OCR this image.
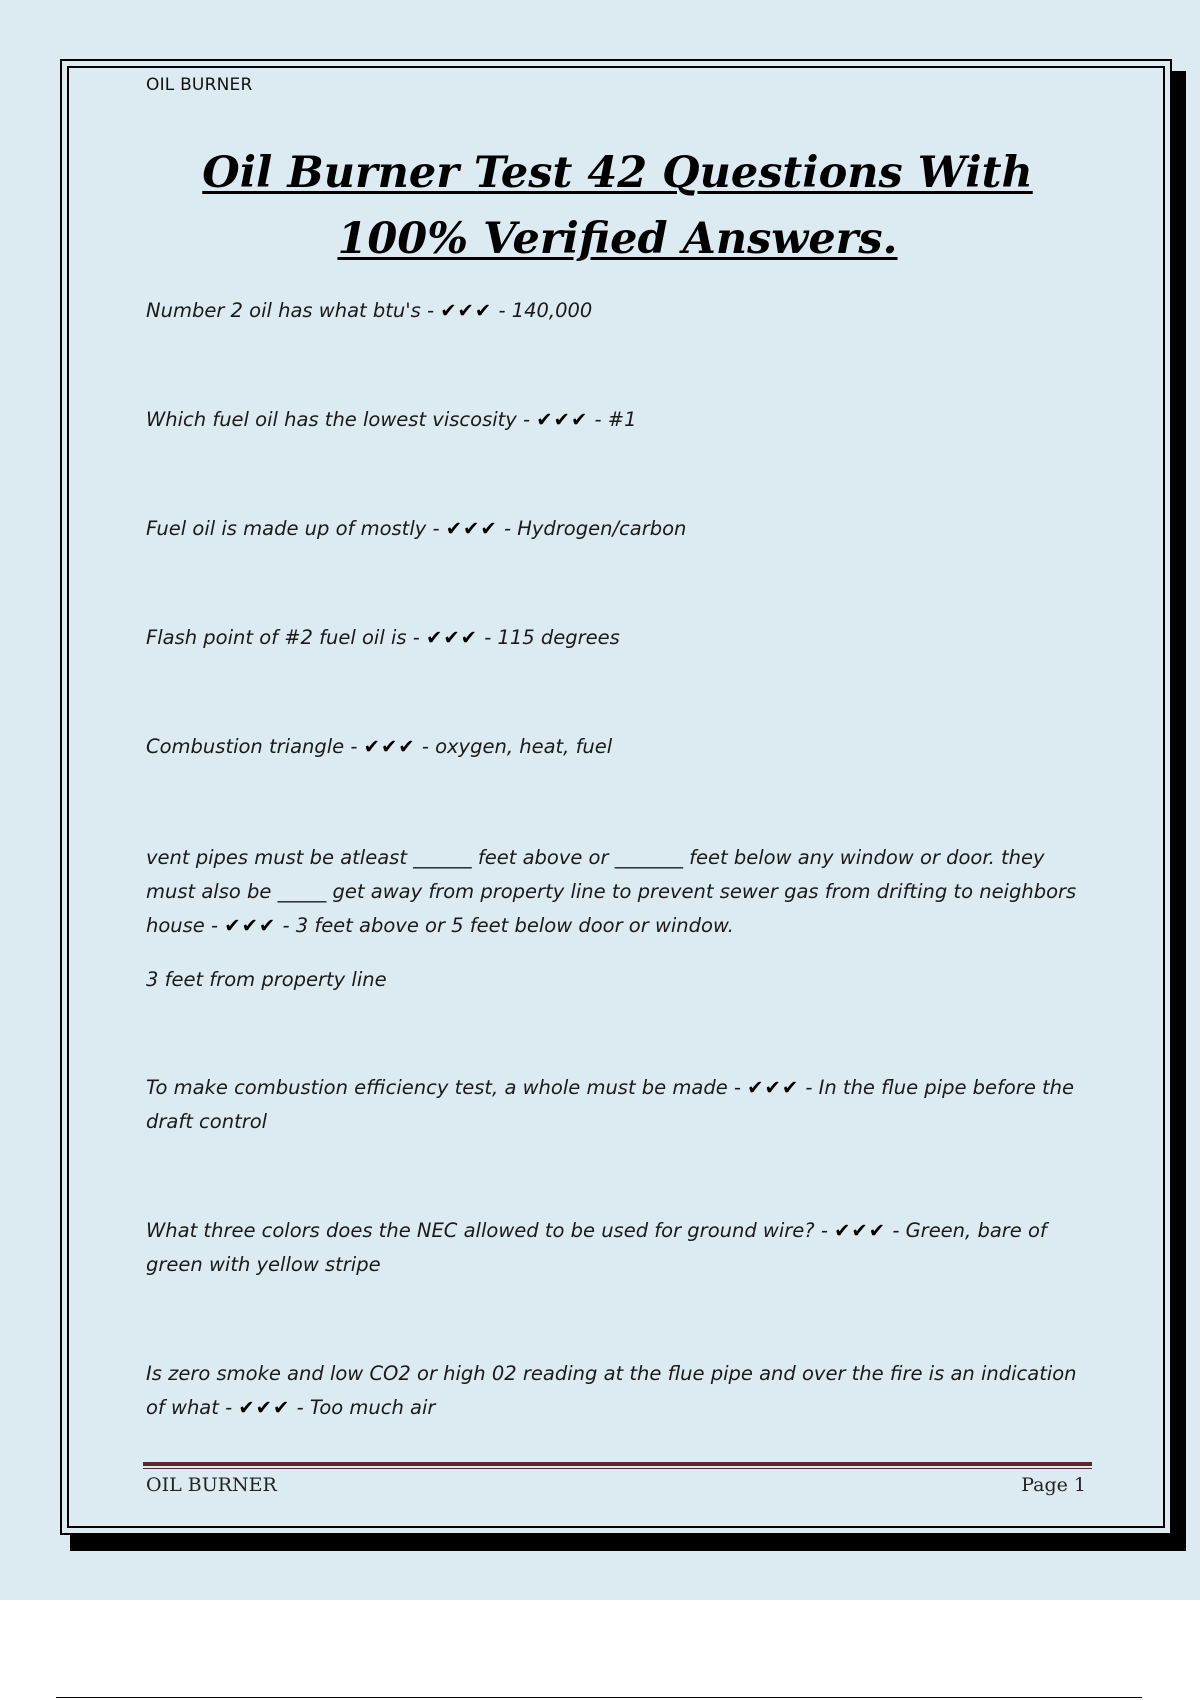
OIL BURNER
Oil Burner Test 42 Questions With 100% Verified Answers.

Number 2 oil has what btu's - ✔✔✔ - 140,000

Which fuel oil has the lowest viscosity - ✔✔✔ - #1

Fuel oil is made up of mostly - ✔✔✔ - Hydrogen/carbon

Flash point of #2 fuel oil is - ✔✔✔ - 115 degrees

Combustion triangle - ✔✔✔ - oxygen, heat, fuel

vent pipes must be atleast ______ feet above or _______ feet below any window or door. they must also be _____ get away from property line to prevent sewer gas from drifting to neighbors house - ✔✔✔ - 3 feet above or 5 feet below door or window.

3 feet from property line

To make combustion efficiency test, a whole must be made - ✔✔✔ - In the flue pipe before the draft control

What three colors does the NEC allowed to be used for ground wire? - ✔✔✔ - Green, bare of green with yellow stripe

Is zero smoke and low CO2 or high 02 reading at the flue pipe and over the fire is an indication of what - ✔✔✔ - Too much air

OIL BURNER	Page 1
